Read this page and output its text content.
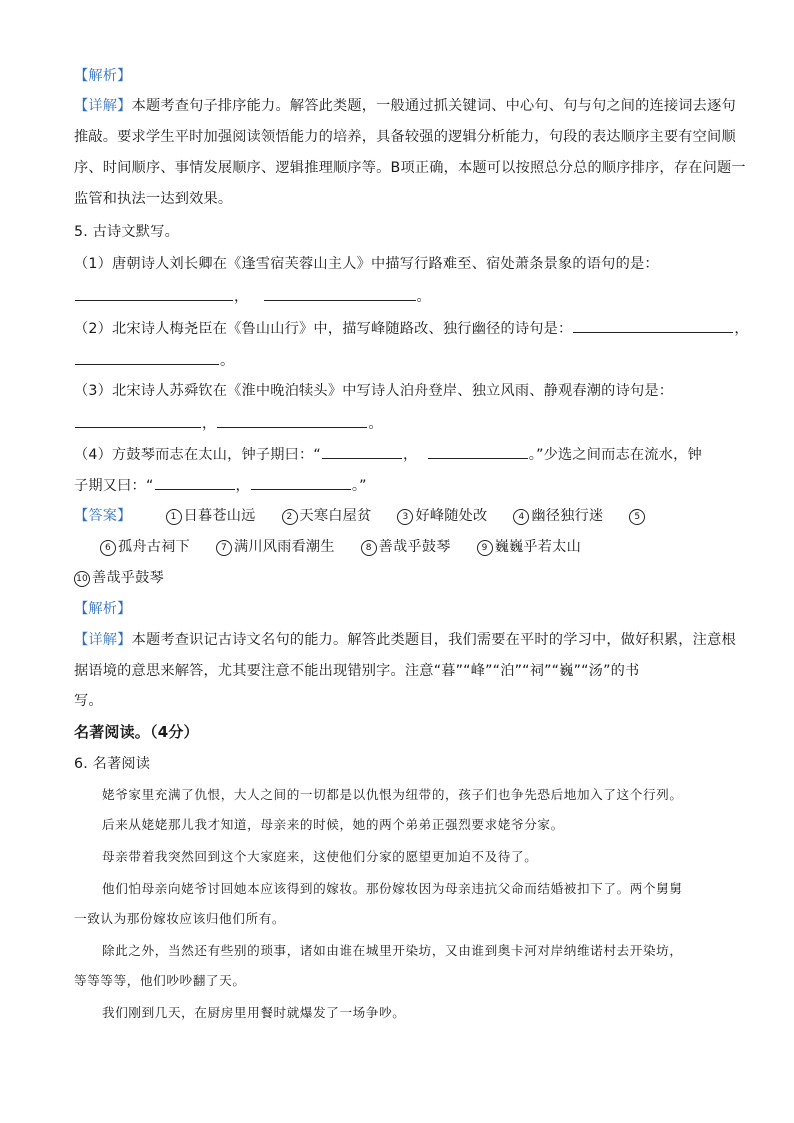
【解析】
【详解】本题考查句子排序能力。解答此类题，一般通过抓关键词、中心句、句与句之间的连接词去逐句
推敲。要求学生平时加强阅读领悟能力的培养，具备较强的逻辑分析能力，句段的表达顺序主要有空间顺
序、时间顺序、事情发展顺序、逻辑推理顺序等。B项正确，本题可以按照总分总的顺序排序，存在问题一
监管和执法一达到效果。
5. 古诗文默写。
（1）唐朝诗人刘长卿在《逢雪宿芙蓉山主人》中描写行路难至、宿处萧条景象的语句的是：
，	。
（2）北宋诗人梅尧臣在《鲁山山行》中，描写峰随路改、独行幽径的诗句是：	，
。
（3）北宋诗人苏舜钦在《淮中晚泊犊头》中写诗人泊舟登岸、独立风雨、静观春潮的诗句是：
，	。
（4）方鼓琴而志在太山，钟子期曰：“	，	。”少选之间而志在流水，钟
子期又曰：“	，	。”
【答案】	1 日暮苍山远	2 天寒白屋贫	3 好峰随处改	4 幽径独行迷	5
6 孤舟古祠下	7 满川风雨看潮生	8 善哉乎鼓琴	9 巍巍乎若太山
10 善哉乎鼓琴
【解析】
【详解】本题考查识记古诗文名句的能力。解答此类题目，我们需要在平时的学习中，做好积累，注意根
据语境的意思来解答，尤其要注意不能出现错别字。注意“暮”“峰”“泊”“祠”“巍”“汤”的书
写。
名著阅读。（4分）
6. 名著阅读
姥爷家里充满了仇恨，大人之间的一切都是以仇恨为纽带的，孩子们也争先恐后地加入了这个行列。
后来从姥姥那儿我才知道，母亲来的时候，她的两个弟弟正强烈要求姥爷分家。
母亲带着我突然回到这个大家庭来，这使他们分家的愿望更加迫不及待了。
他们怕母亲向姥爷讨回她本应该得到的嫁妆。那份嫁妆因为母亲违抗父命而结婚被扣下了。两个舅舅
一致认为那份嫁妆应该归他们所有。
除此之外，当然还有些别的琐事，诸如由谁在城里开染坊，又由谁到奥卡河对岸纳维诺村去开染坊，
等等等等，他们吵吵翻了天。
我们刚到几天，在厨房里用餐时就爆发了一场争吵。
